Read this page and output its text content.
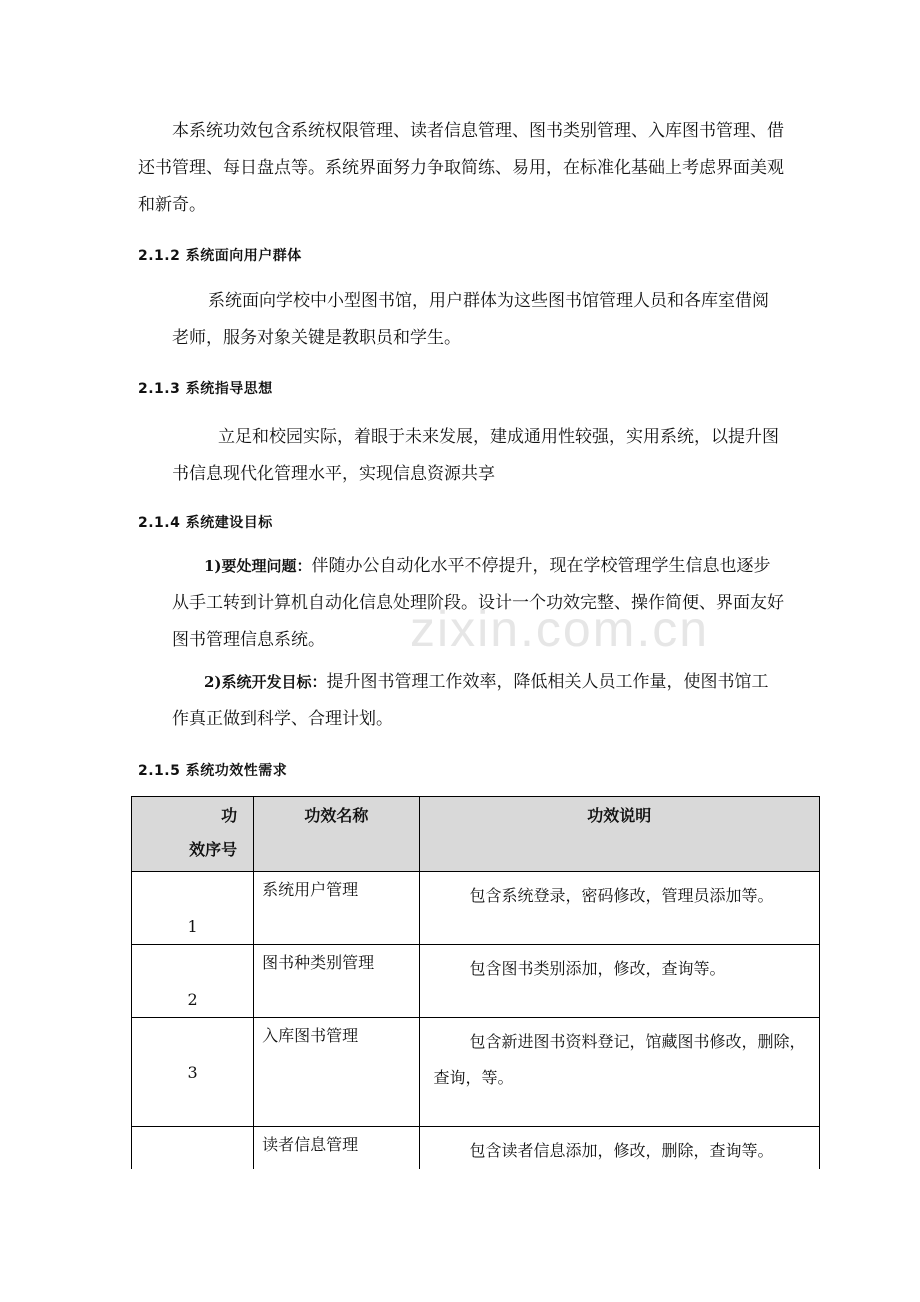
zixin.com.cn
本系统功效包含系统权限管理、读者信息管理、图书类别管理、入库图书管理、借还书管理、每日盘点等。系统界面努力争取简练、易用，在标准化基础上考虑界面美观和新奇。
2.1.2 系统面向用户群体
系统面向学校中小型图书馆，用户群体为这些图书馆管理人员和各库室借阅老师，服务对象关键是教职员和学生。
2.1.3 系统指导思想
立足和校园实际，着眼于未来发展，建成通用性较强，实用系统，以提升图书信息现代化管理水平，实现信息资源共享
2.1.4 系统建设目标
1)要处理问题：伴随办公自动化水平不停提升，现在学校管理学生信息也逐步从手工转到计算机自动化信息处理阶段。设计一个功效完整、操作简便、界面友好图书管理信息系统。
2)系统开发目标：提升图书管理工作效率，降低相关人员工作量，使图书馆工作真正做到科学、合理计划。
2.1.5 系统功效性需求
功
效序号	功效名称	功效说明
1	系统用户管理	包含系统登录，密码修改，管理员添加等。
2	图书种类别管理	包含图书类别添加，修改，查询等。
3	入库图书管理	包含新进图书资料登记，馆藏图书修改，删除，查询，等。
	读者信息管理	包含读者信息添加，修改，删除，查询等。
